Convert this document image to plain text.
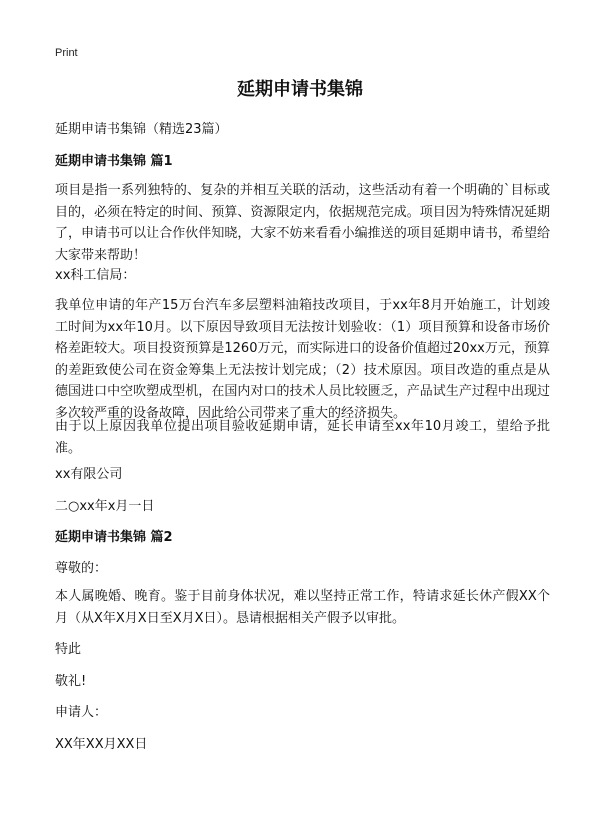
Print
延期申请书集锦

延期申请书集锦（精选23篇）

延期申请书集锦 篇1

项目是指一系列独特的、复杂的并相互关联的活动，这些活动有着一个明确的`目标或目的，必须在特定的时间、预算、资源限定内，依据规范完成。项目因为特殊情况延期了，申请书可以让合作伙伴知晓，大家不妨来看看小编推送的项目延期申请书，希望给大家带来帮助！

xx科工信局：

我单位申请的年产15万台汽车多层塑料油箱技改项目，于xx年8月开始施工，计划竣工时间为xx年10月。以下原因导致项目无法按计划验收：（1）项目预算和设备市场价格差距较大。项目投资预算是1260万元，而实际进口的设备价值超过20xx万元，预算的差距致使公司在资金筹集上无法按计划完成；（2）技术原因。项目改造的重点是从德国进口中空吹塑成型机，在国内对口的技术人员比较匮乏，产品试生产过程中出现过多次较严重的设备故障，因此给公司带来了重大的经济损失。

由于以上原因我单位提出项目验收延期申请，延长申请至xx年10月竣工，望给予批准。

xx有限公司

二○xx年x月一日

延期申请书集锦 篇2

尊敬的：

本人属晚婚、晚育。鉴于目前身体状况，难以坚持正常工作，特请求延长休产假XX个月（从X年X月X日至X月X日）。恳请根据相关产假予以审批。

特此

敬礼!

申请人：

XX年XX月XX日
